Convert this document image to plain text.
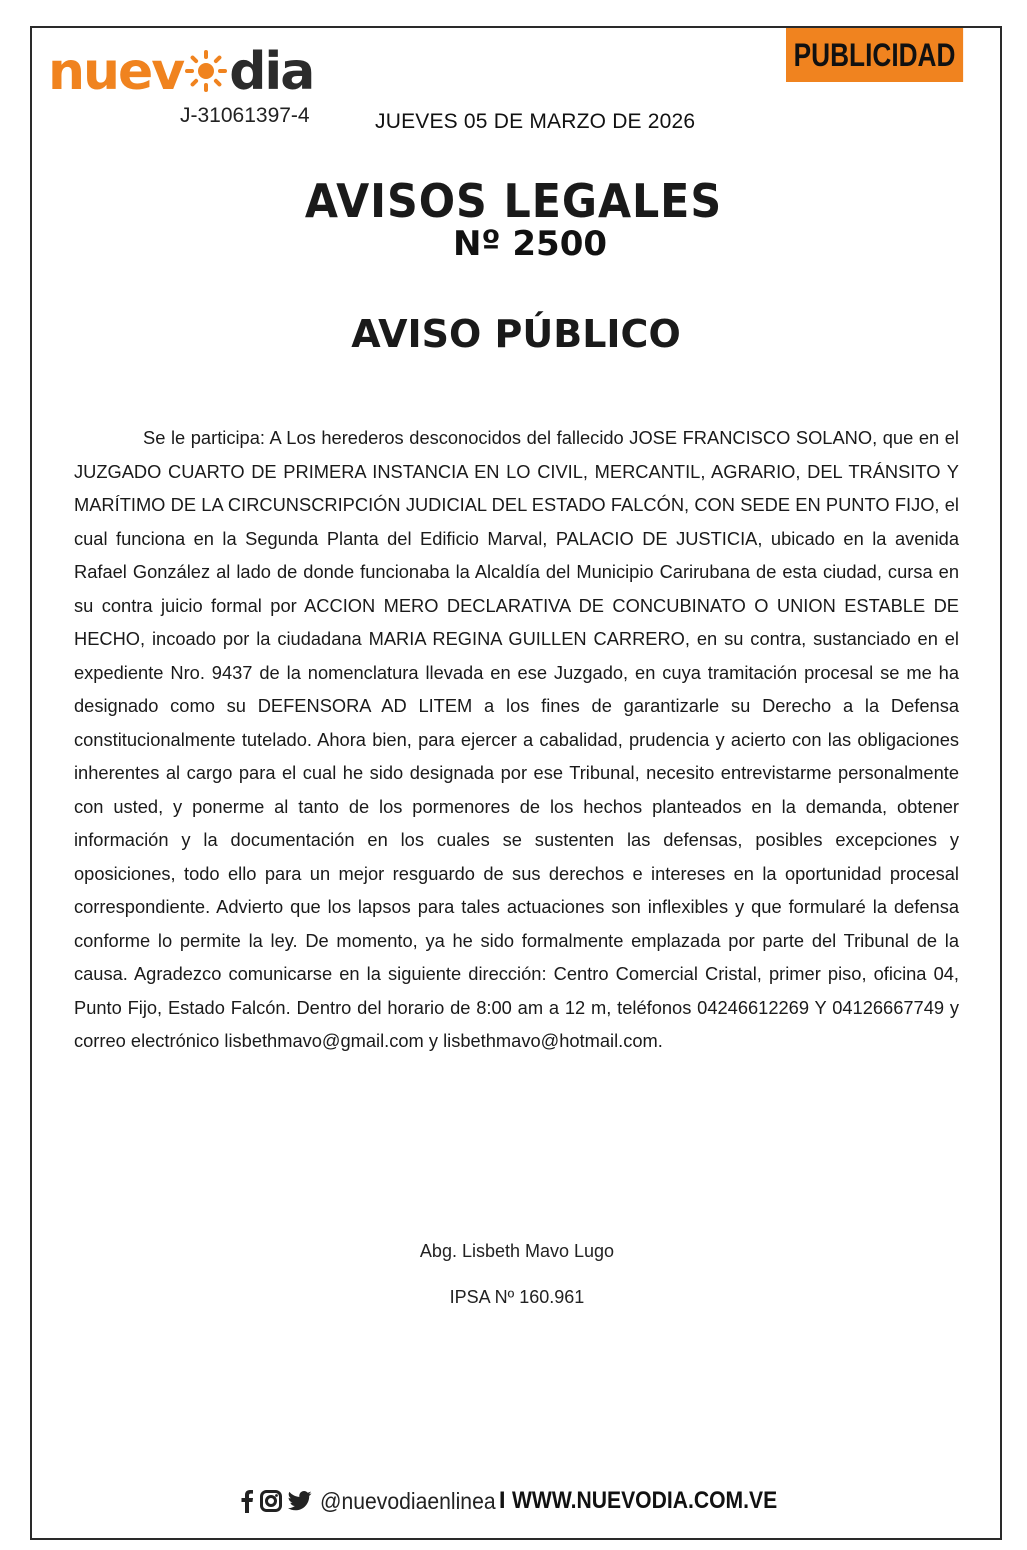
PUBLICIDAD
nuev dia
J-31061397-4	JUEVES 05 DE MARZO DE 2026
AVISOS LEGALES
Nº 2500
AVISO PÚBLICO

Se le participa: A Los herederos desconocidos del fallecido JOSE FRANCISCO SOLANO, que en el JUZGADO CUARTO DE PRIMERA INSTANCIA EN LO CIVIL, MERCANTIL, AGRARIO, DEL TRÁNSITO Y MARÍTIMO DE LA CIRCUNSCRIPCIÓN JUDICIAL DEL ESTADO FALCÓN, CON SEDE EN PUNTO FIJO, el cual funciona en la Segunda Planta del Edificio Marval, PALACIO DE JUSTICIA, ubicado en la avenida Rafael González al lado de donde funcionaba la Alcaldía del Municipio Carirubana de esta ciudad, cursa en su contra juicio formal por ACCION MERO DECLARATIVA DE CONCUBINATO O UNION ESTABLE DE HECHO, incoado por la ciudadana MARIA REGINA GUILLEN CARRERO, en su contra, sustanciado en el expediente Nro. 9437 de la nomenclatura llevada en ese Juzgado, en cuya tramitación procesal se me ha designado como su DEFENSORA AD LITEM a los fines de garantizarle su Derecho a la Defensa constitucionalmente tutelado. Ahora bien, para ejercer a cabalidad, prudencia y acierto con las obligaciones inherentes al cargo para el cual he sido designada por ese Tribunal, necesito entrevistarme personalmente con usted, y ponerme al tanto de los pormenores de los hechos planteados en la demanda, obtener información y la documentación en los cuales se sustenten las defensas, posibles excepciones y oposiciones, todo ello para un mejor resguardo de sus derechos e intereses en la oportunidad procesal correspondiente. Advierto que los lapsos para tales actuaciones son inflexibles y que formularé la defensa conforme lo permite la ley. De momento, ya he sido formalmente emplazada por parte del Tribunal de la causa. Agradezco comunicarse en la siguiente dirección: Centro Comercial Cristal, primer piso, oficina 04, Punto Fijo, Estado Falcón. Dentro del horario de 8:00 am a 12 m, teléfonos 04246612269 Y 04126667749 y correo electrónico lisbethmavo@gmail.com y lisbethmavo@hotmail.com.

Abg. Lisbeth Mavo Lugo
IPSA Nº 160.961
@nuevodiaenlinea I WWW.NUEVODIA.COM.VE
